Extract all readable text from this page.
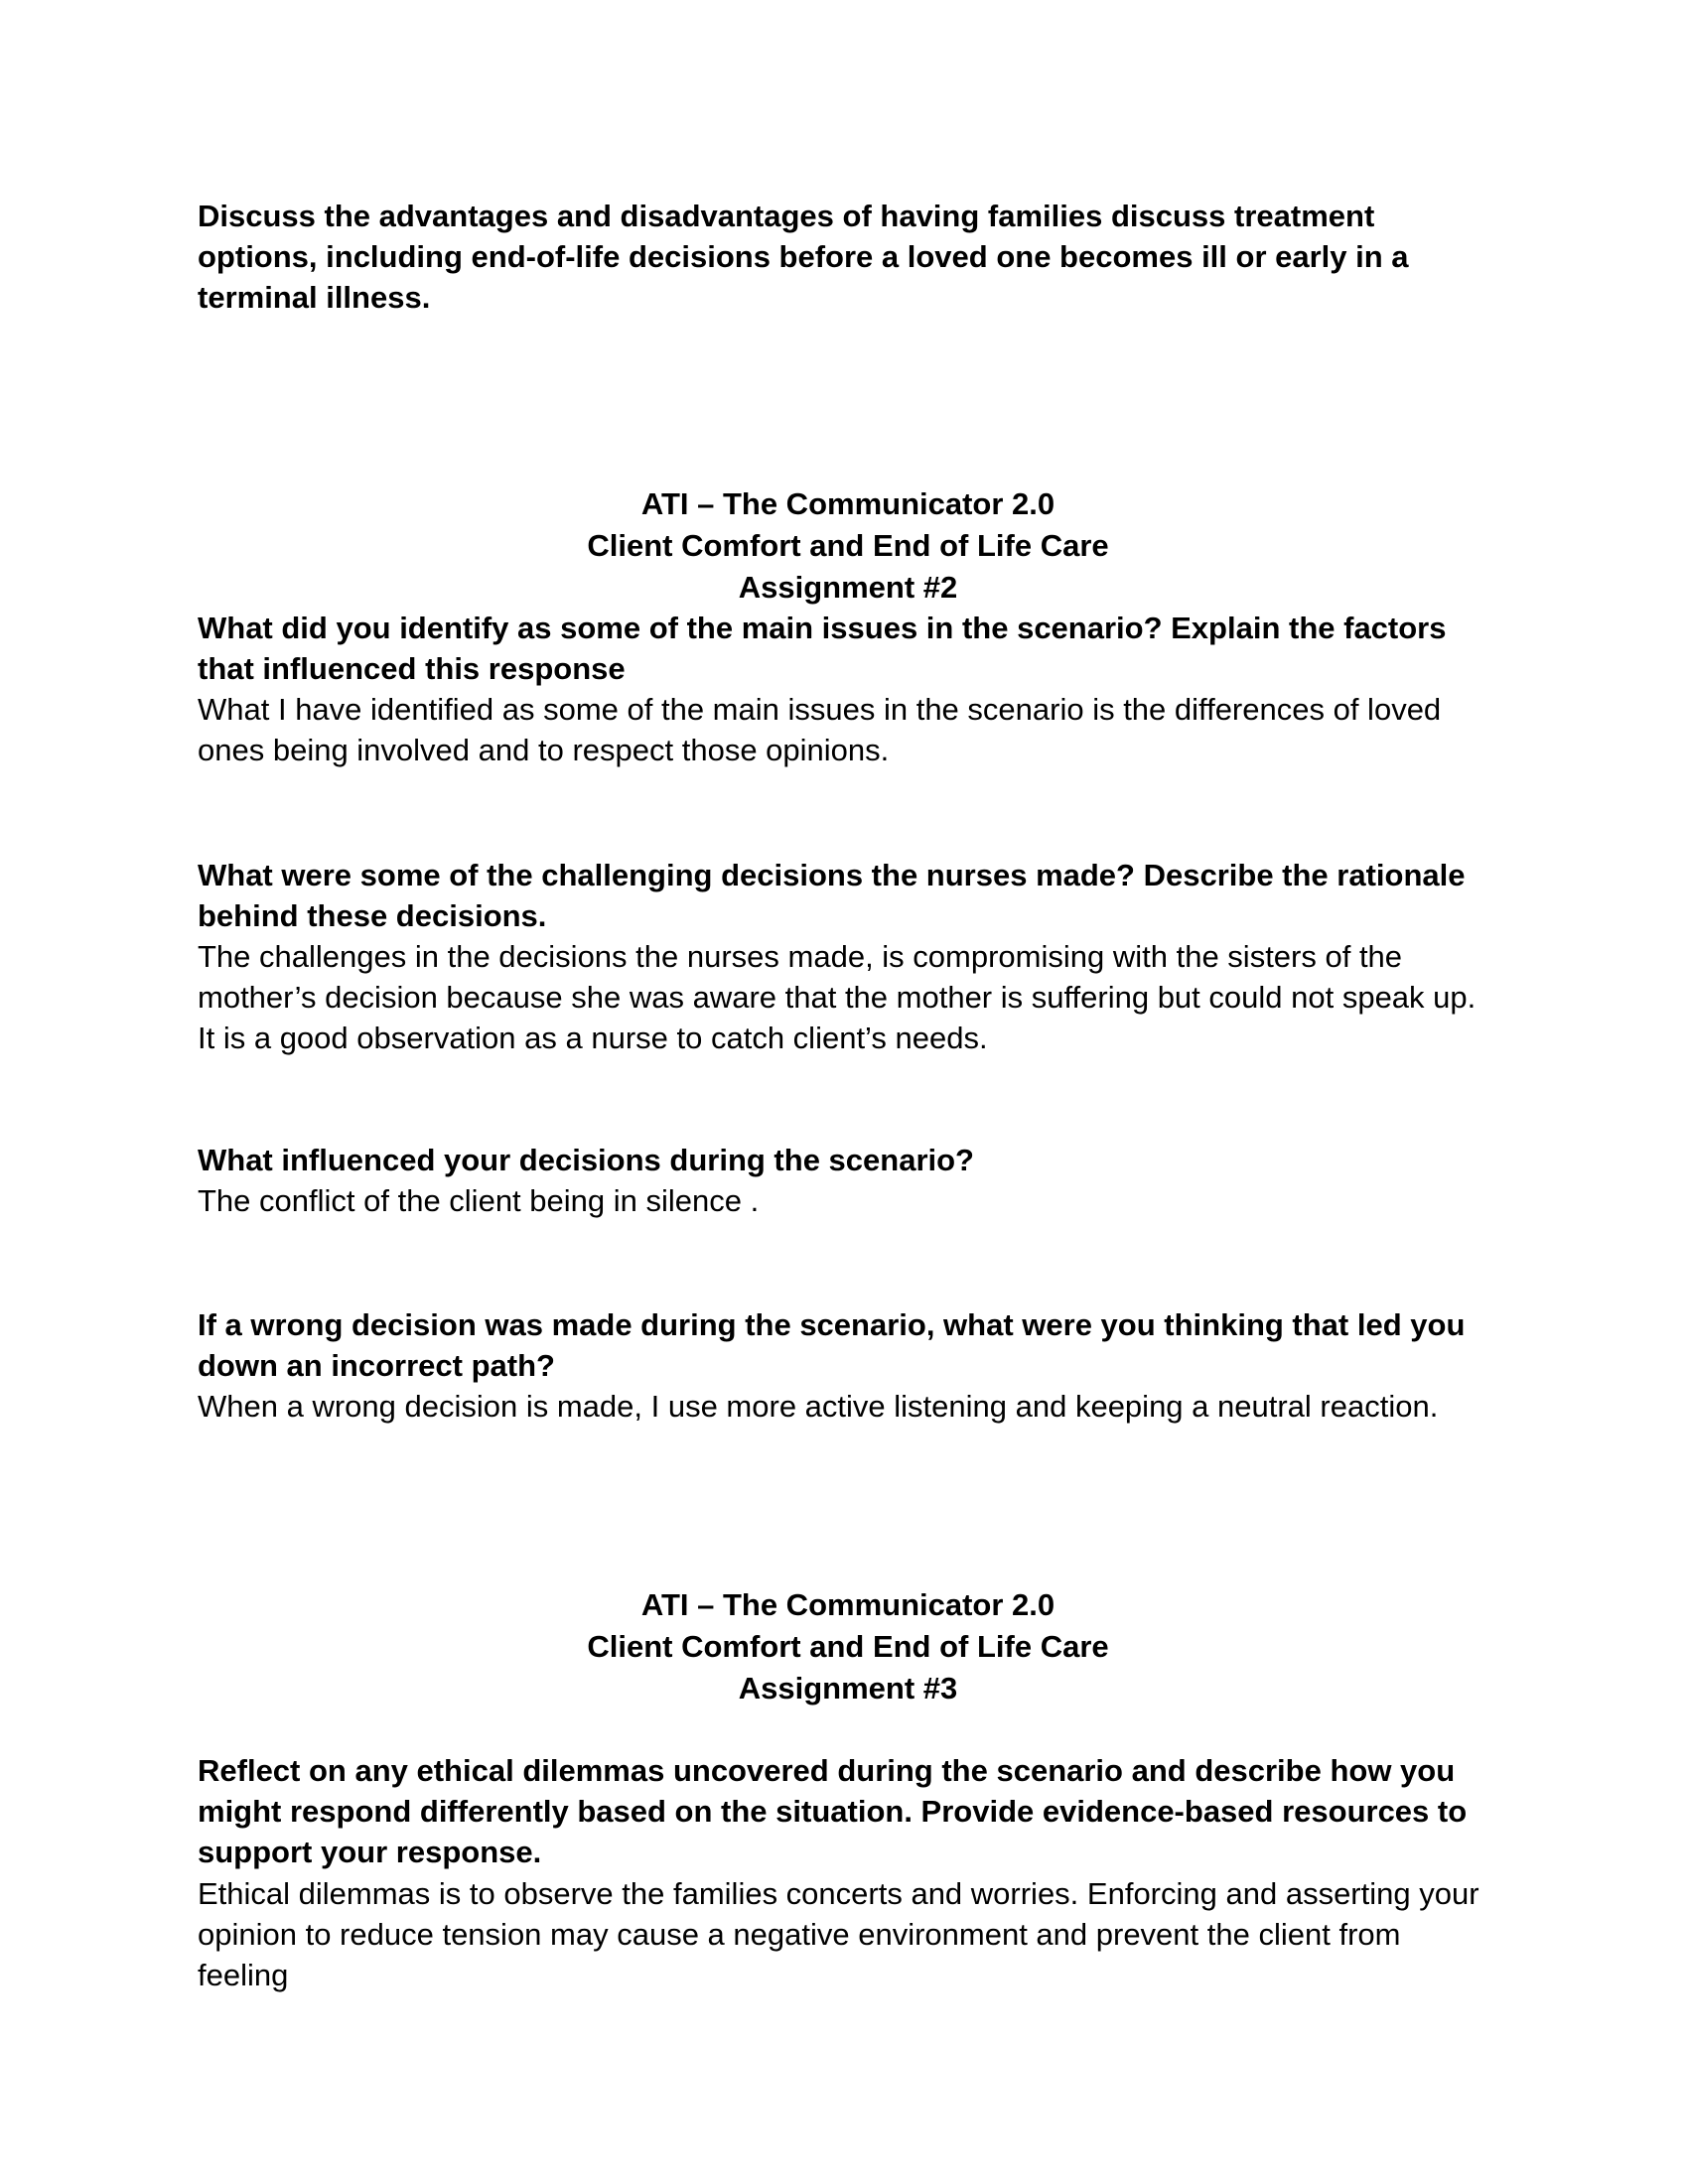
Discuss the advantages and disadvantages of having families discuss treatment options, including end-of-life decisions before a loved one becomes ill or early in a terminal illness.

ATI – The Communicator 2.0
Client Comfort and End of Life Care
Assignment #2

What did you identify as some of the main issues in the scenario? Explain the factors that influenced this response

What I have identified as some of the main issues in the scenario is the differences of loved ones being involved and to respect those opinions.

What were some of the challenging decisions the nurses made? Describe the rationale behind these decisions.

The challenges in the decisions the nurses made, is compromising with the sisters of the mother’s decision because she was aware that the mother is suffering but could not speak up. It is a good observation as a nurse to catch client’s needs.

What influenced your decisions during the scenario?

The conflict of the client being in silence .

If a wrong decision was made during the scenario, what were you thinking that led you down an incorrect path?

When a wrong decision is made, I use more active listening and keeping a neutral reaction.

ATI – The Communicator 2.0
Client Comfort and End of Life Care
Assignment #3

Reflect on any ethical dilemmas uncovered during the scenario and describe how you might respond differently based on the situation. Provide evidence-based resources to support your response.

Ethical dilemmas is to observe the families concerts and worries. Enforcing and asserting your opinion to reduce tension may cause a negative environment and prevent the client from feeling
